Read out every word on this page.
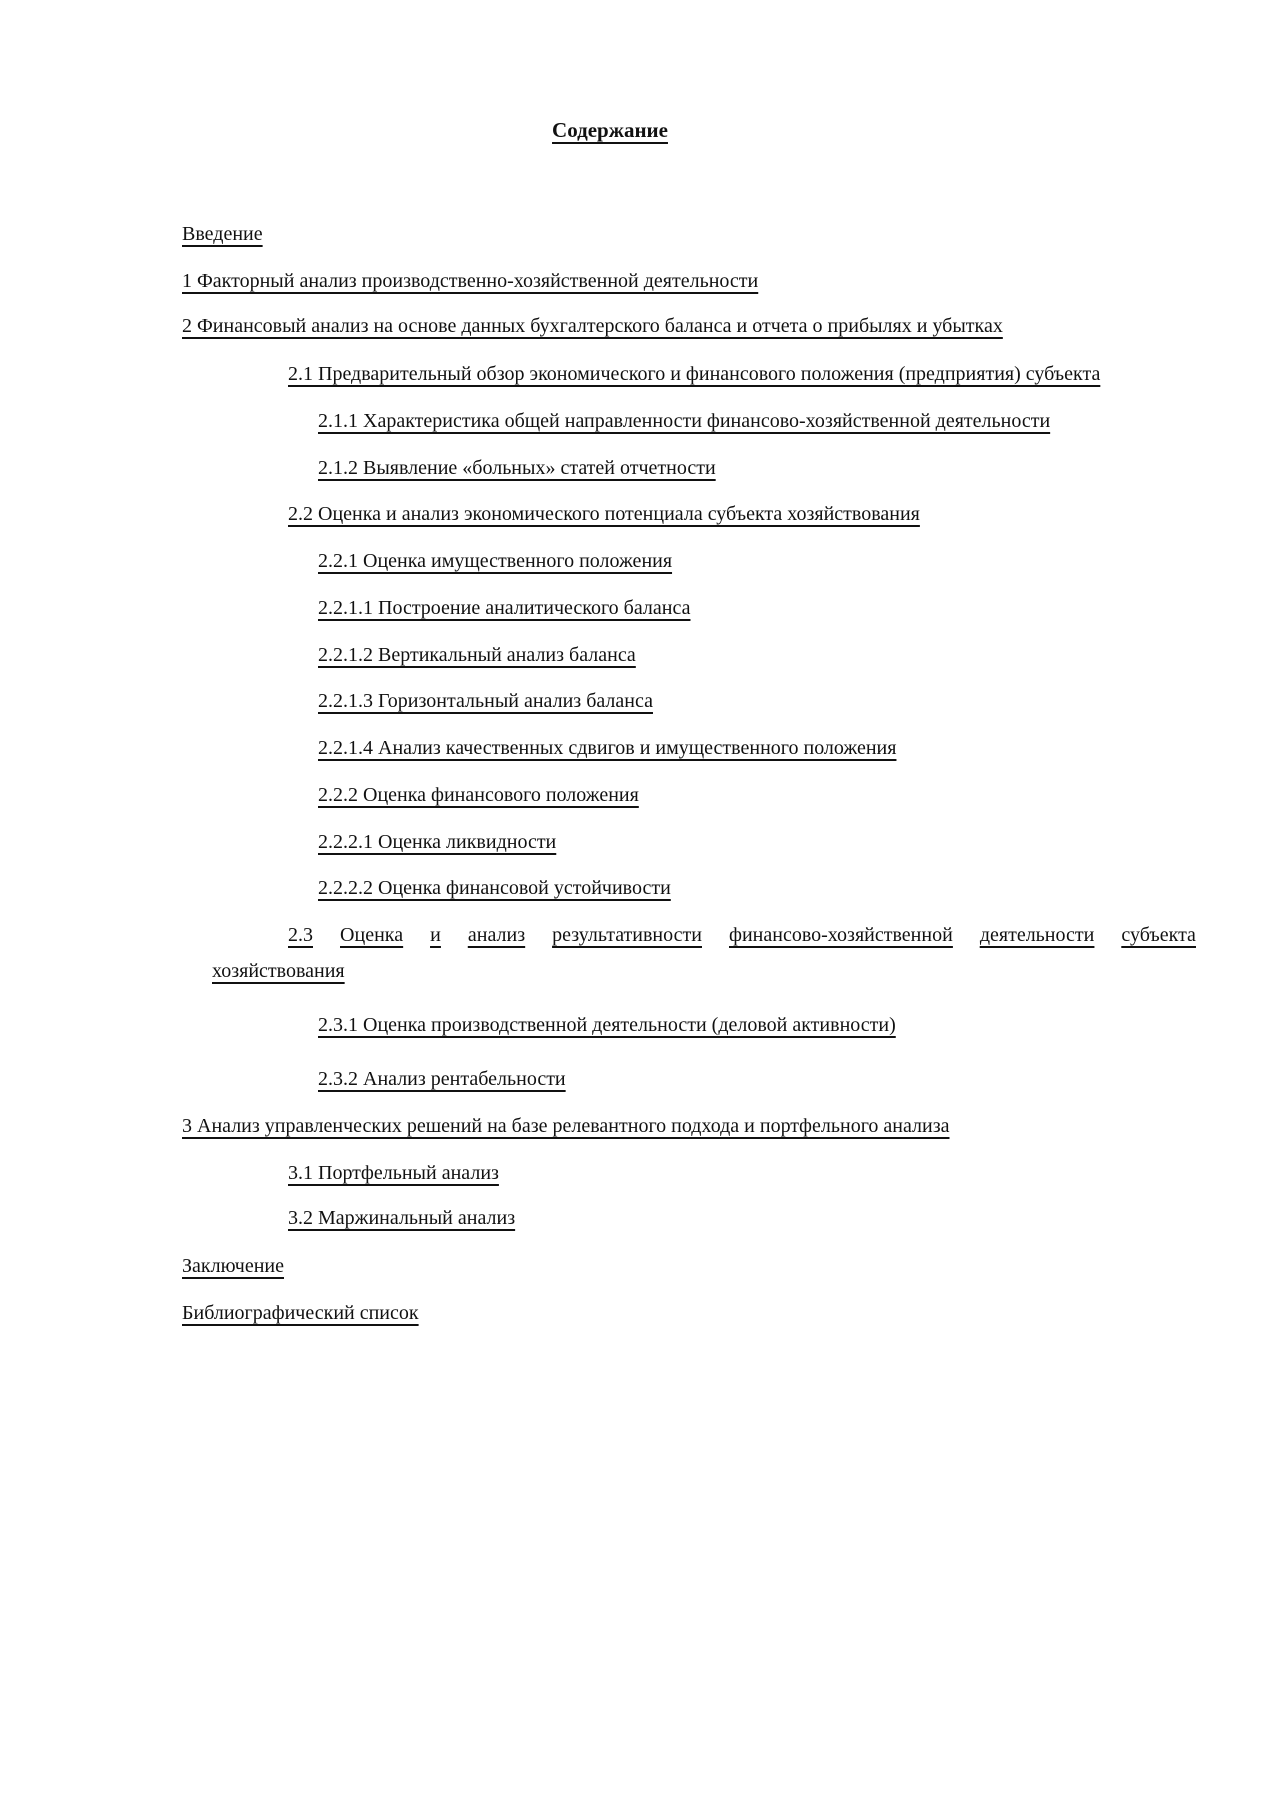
Содержание
Введение
1 Факторный анализ производственно-хозяйственной деятельности
2 Финансовый анализ на основе данных бухгалтерского баланса и отчета о прибылях и убытках
2.1 Предварительный обзор экономического и финансового положения (предприятия) субъекта
2.1.1 Характеристика общей направленности финансово-хозяйственной деятельности
2.1.2 Выявление «больных» статей отчетности
2.2 Оценка и анализ экономического потенциала субъекта хозяйствования
2.2.1 Оценка имущественного положения
2.2.1.1 Построение аналитического баланса
2.2.1.2 Вертикальный анализ баланса
2.2.1.3 Горизонтальный анализ баланса
2.2.1.4 Анализ качественных сдвигов и имущественного положения
2.2.2 Оценка финансового положения
2.2.2.1 Оценка ликвидности
2.2.2.2 Оценка финансовой устойчивости
2.3 Оценка и анализ результативности финансово-хозяйственной деятельности субъекта
хозяйствования
2.3.1 Оценка производственной деятельности (деловой активности)
2.3.2 Анализ рентабельности
3 Анализ управленческих решений на базе релевантного подхода и портфельного анализа
3.1 Портфельный анализ
3.2 Маржинальный анализ
Заключение
Библиографический список
